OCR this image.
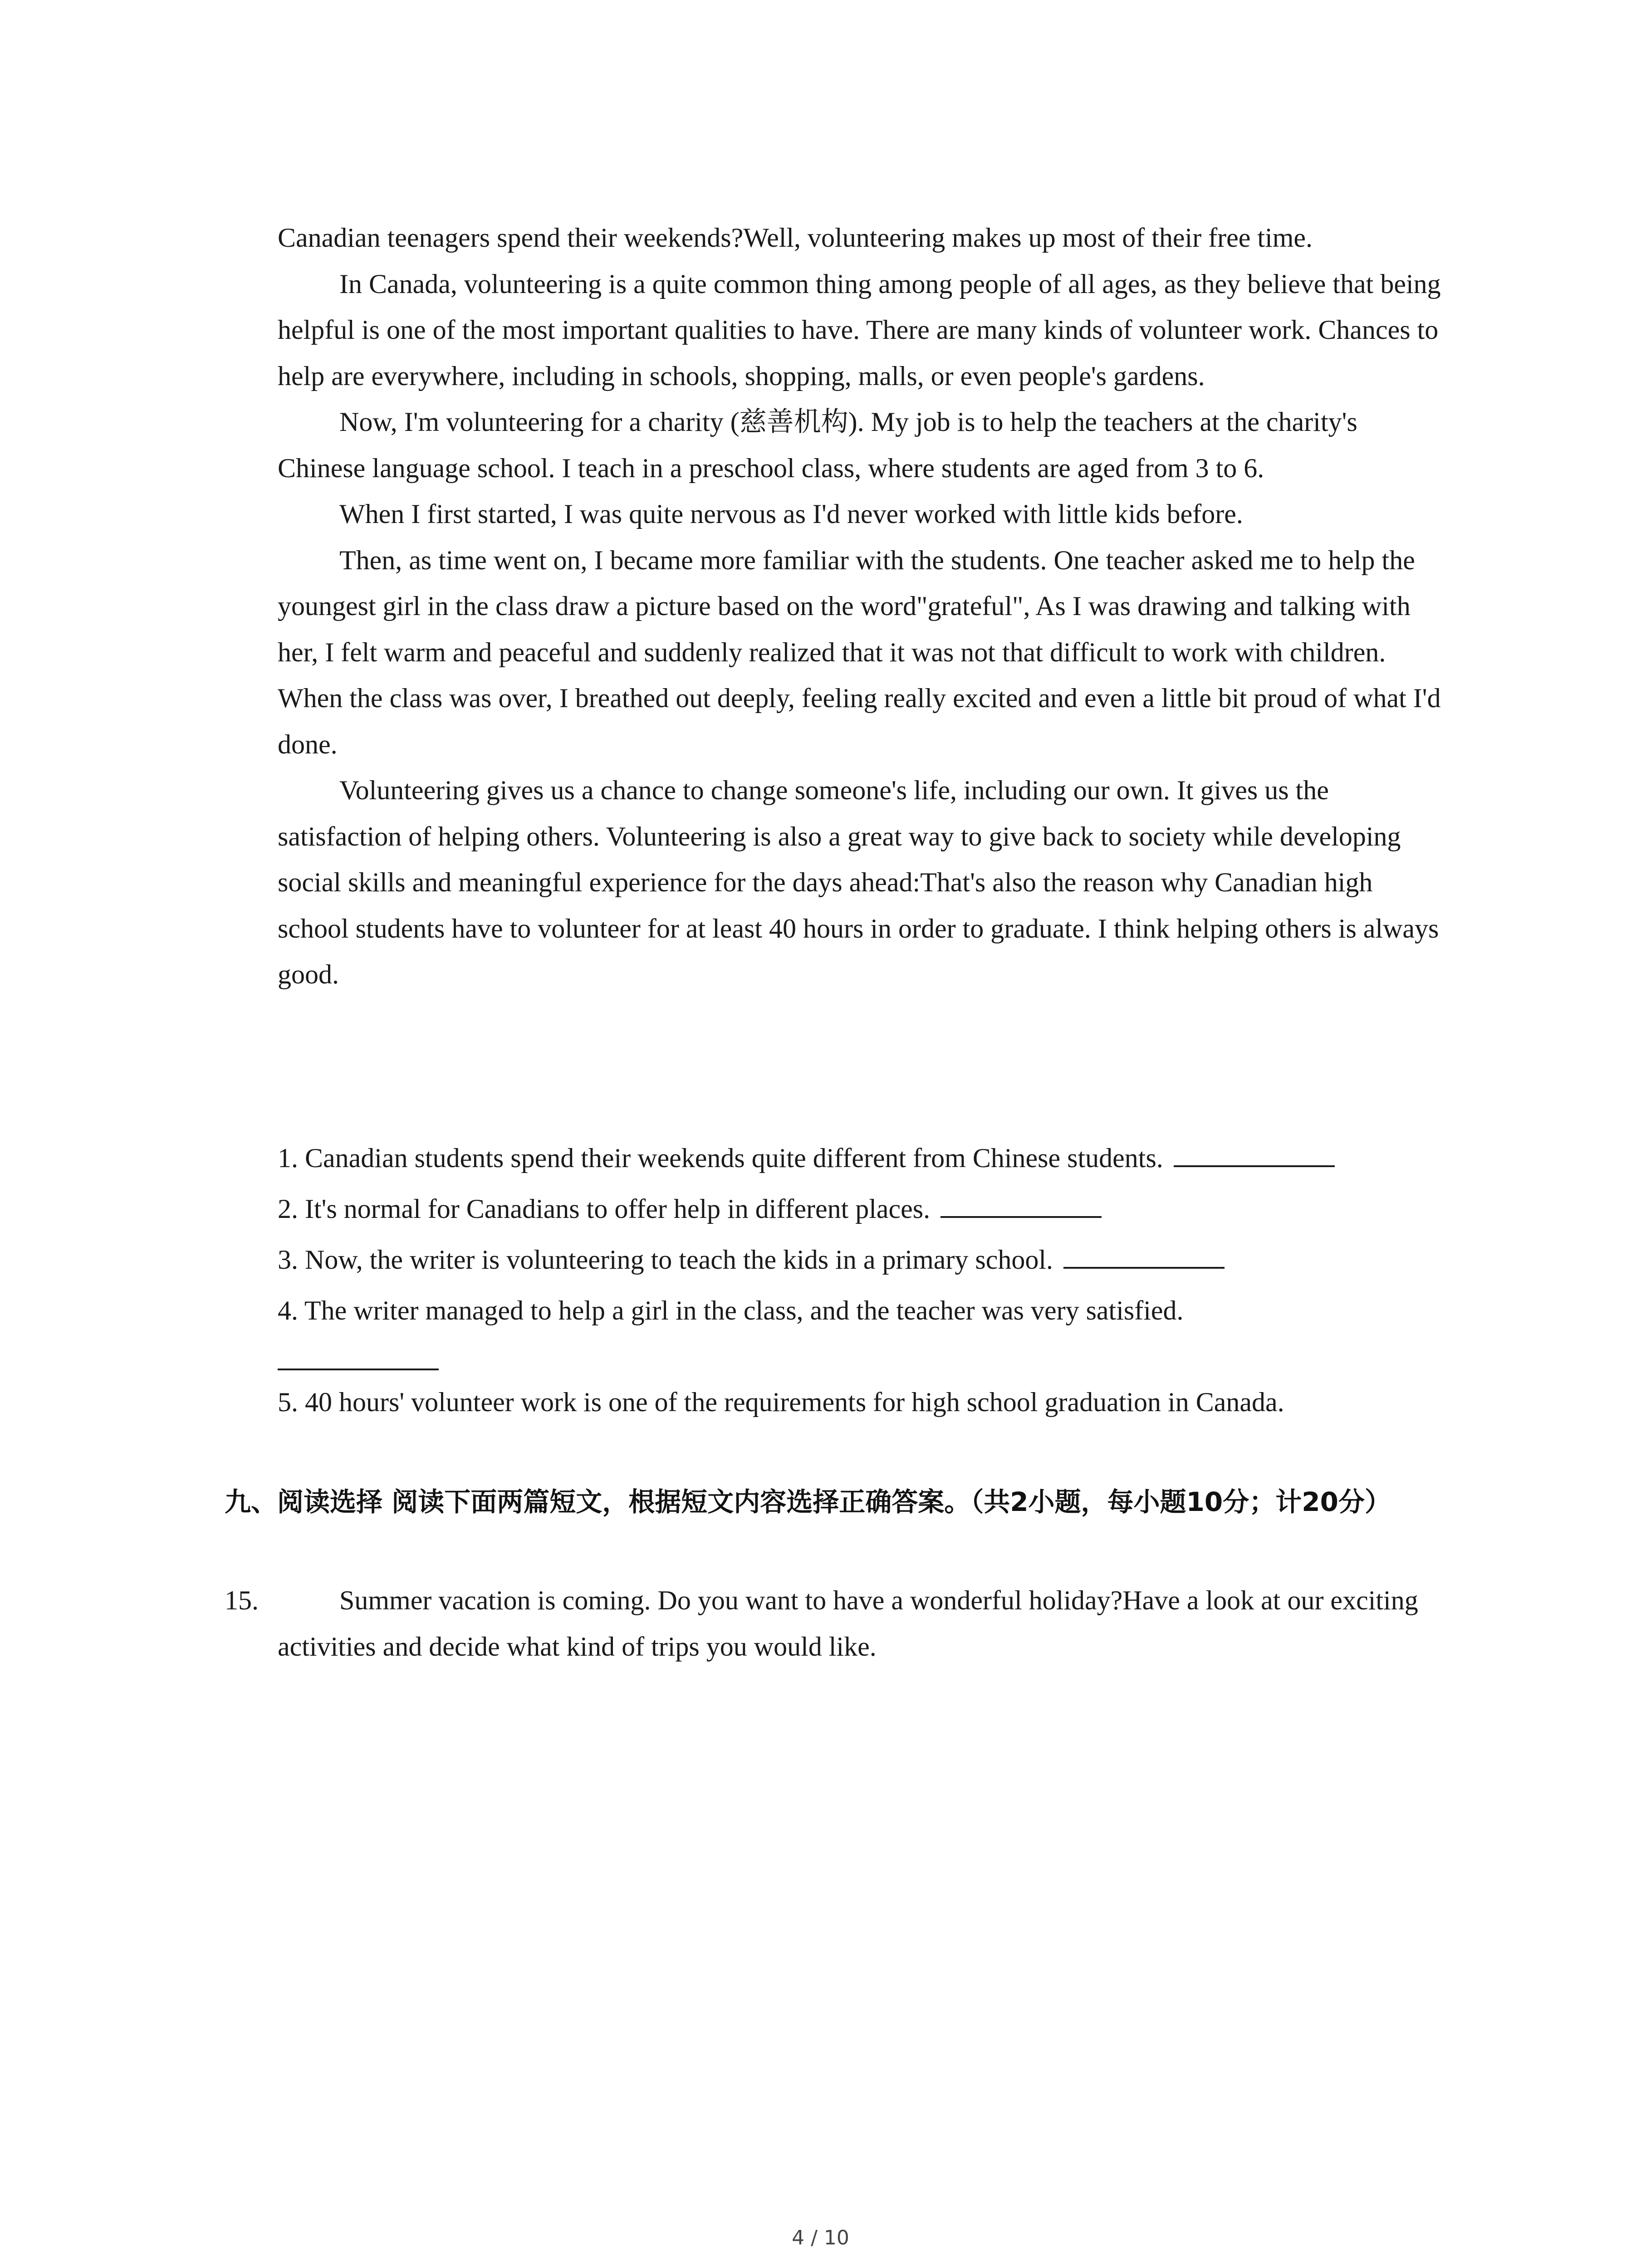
Canadian teenagers spend their weekends?Well, volunteering makes up most of their free time.

In Canada, volunteering is a quite common thing among people of all ages, as they believe that being helpful is one of the most important qualities to have. There are many kinds of volunteer work. Chances to help are everywhere, including in schools, shopping, malls, or even people's gardens.

Now, I'm volunteering for a charity (慈善机构). My job is to help the teachers at the charity's Chinese language school. I teach in a preschool class, where students are aged from 3 to 6.

When I first started, I was quite nervous as I'd never worked with little kids before.

Then, as time went on, I became more familiar with the students. One teacher asked me to help the youngest girl in the class draw a picture based on the word"grateful", As I was drawing and talking with her, I felt warm and peaceful and suddenly realized that it was not that difficult to work with children. When the class was over, I breathed out deeply, feeling really excited and even a little bit proud of what I'd done.

Volunteering gives us a chance to change someone's life, including our own. It gives us the satisfaction of helping others. Volunteering is also a great way to give back to society while developing social skills and meaningful experience for the days ahead:That's also the reason why Canadian high school students have to volunteer for at least 40 hours in order to graduate. I think helping others is always good.

1. Canadian students spend their weekends quite different from Chinese students.

2. It's normal for Canadians to offer help in different places.

3. Now, the writer is volunteering to teach the kids in a primary school.

4. The writer managed to help a girl in the class, and the teacher was very satisfied.

5. 40 hours' volunteer work is one of the requirements for high school graduation in Canada.

九、阅读选择 阅读下面两篇短文，根据短文内容选择正确答案。（共2小题，每小题10分；计20分）
15.	Summer vacation is coming. Do you want to have a wonderful holiday?Have a look at our exciting activities and decide what kind of trips you would like.

4 / 10
